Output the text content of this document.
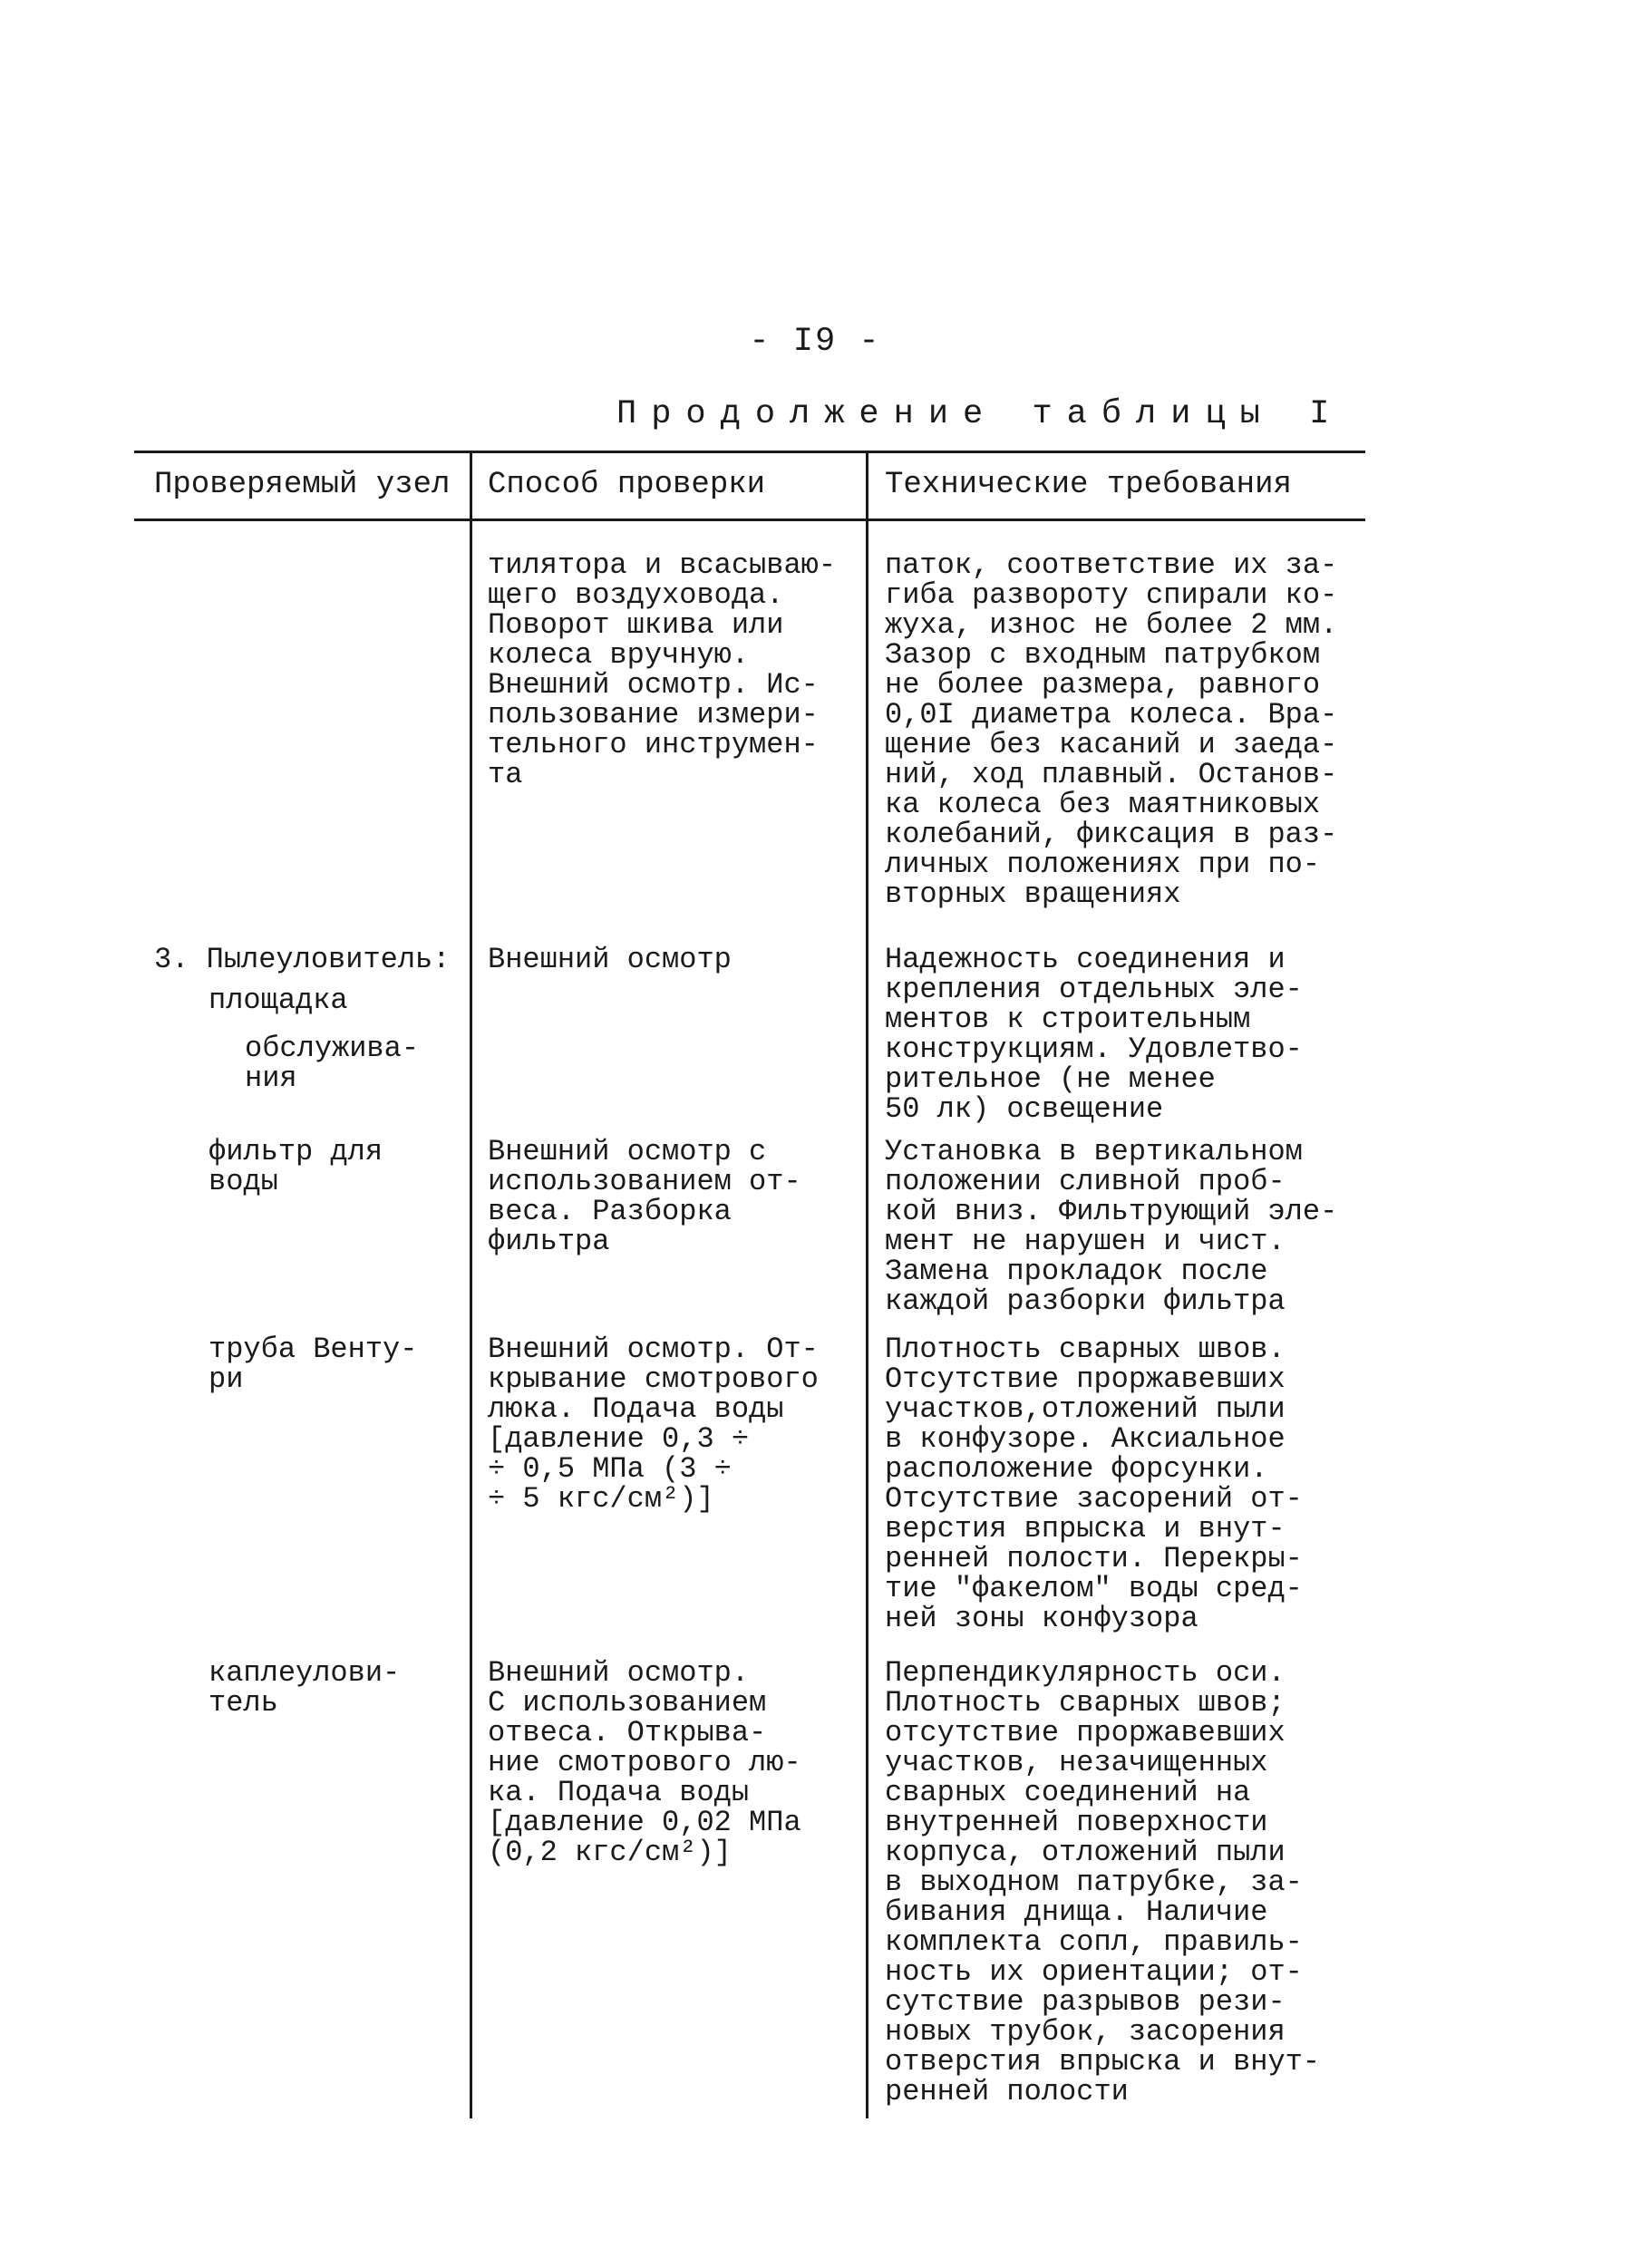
- I9 -
Продолжение таблицы I
Проверяемый узел Способ проверки	Технические требования
тилятора и всасываю-
щего воздуховода.
Поворот шкива или
колеса вручную.
Внешний осмотр. Ис-
пользование измери-
тельного инструмен-
та
паток, соответствие их за-
гиба развороту спирали ко-
жуха, износ не более 2 мм.
Зазор с входным патрубком
не более размера, равного
0,0I диаметра колеса. Вра-
щение без касаний и заеда-
ний, ход плавный. Останов-
ка колеса без маятниковых
колебаний, фиксация в раз-
личных положениях при по-
вторных вращениях
3. Пылеуловитель: Внешний осмотр	Надежность соединения и
крепления отдельных эле-
ментов к строительным
конструкциям. Удовлетво-
рительное (не менее
50 лк) освещение
площадка
обслужива-
ния
фильтр для
воды
Внешний осмотр с
использованием от-
веса. Разборка
фильтра
Установка в вертикальном
положении сливной проб-
кой вниз. Фильтрующий эле-
мент не нарушен и чист.
Замена прокладок после
каждой разборки фильтра
труба Венту-
ри
Внешний осмотр. От-
крывание смотрового
люка. Подача воды
[давление 0,3 ÷
÷ 0,5 МПа (3 ÷
÷ 5 кгс/см²)]
Плотность сварных швов.
Отсутствие проржавевших
участков,отложений пыли
в конфузоре. Аксиальное
расположение форсунки.
Отсутствие засорений от-
верстия впрыска и внут-
ренней полости. Перекры-
тие "факелом" воды сред-
ней зоны конфузора
каплеулови-
тель
Внешний осмотр.
С использованием
отвеса. Открыва-
ние смотрового лю-
ка. Подача воды
[давление 0,02 МПа
(0,2 кгс/см²)]
Перпендикулярность оси.
Плотность сварных швов;
отсутствие проржавевших
участков, незачищенных
сварных соединений на
внутренней поверхности
корпуса, отложений пыли
в выходном патрубке, за-
бивания днища. Наличие
комплекта сопл, правиль-
ность их ориентации; от-
сутствие разрывов рези-
новых трубок, засорения
отверстия впрыска и внут-
ренней полости
